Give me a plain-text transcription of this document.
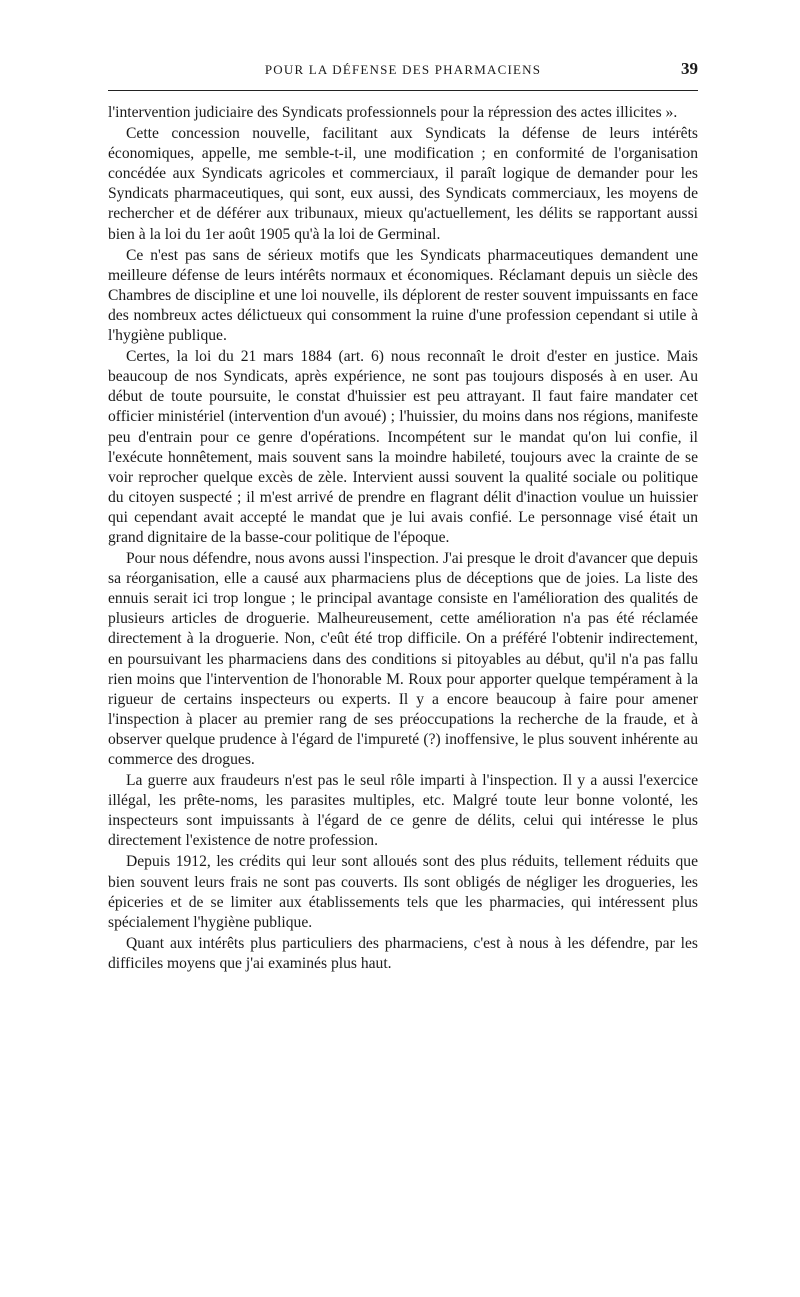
POUR LA DÉFENSE DES PHARMACIENS	39

l'intervention judiciaire des Syndicats professionnels pour la répression des actes illicites ».

Cette concession nouvelle, facilitant aux Syndicats la défense de leurs intérêts économiques, appelle, me semble-t-il, une modification ; en conformité de l'organisation concédée aux Syndicats agricoles et commerciaux, il paraît logique de demander pour les Syndicats pharmaceutiques, qui sont, eux aussi, des Syndicats commerciaux, les moyens de rechercher et de déférer aux tribunaux, mieux qu'actuellement, les délits se rapportant aussi bien à la loi du 1er août 1905 qu'à la loi de Germinal.

Ce n'est pas sans de sérieux motifs que les Syndicats pharmaceutiques demandent une meilleure défense de leurs intérêts normaux et économiques. Réclamant depuis un siècle des Chambres de discipline et une loi nouvelle, ils déplorent de rester souvent impuissants en face des nombreux actes délictueux qui consomment la ruine d'une profession cependant si utile à l'hygiène publique.

Certes, la loi du 21 mars 1884 (art. 6) nous reconnaît le droit d'ester en justice. Mais beaucoup de nos Syndicats, après expérience, ne sont pas toujours disposés à en user. Au début de toute poursuite, le constat d'huissier est peu attrayant. Il faut faire mandater cet officier ministériel (intervention d'un avoué) ; l'huissier, du moins dans nos régions, manifeste peu d'entrain pour ce genre d'opérations. Incompétent sur le mandat qu'on lui confie, il l'exécute honnêtement, mais souvent sans la moindre habileté, toujours avec la crainte de se voir reprocher quelque excès de zèle. Intervient aussi souvent la qualité sociale ou politique du citoyen suspecté ; il m'est arrivé de prendre en flagrant délit d'inaction voulue un huissier qui cependant avait accepté le mandat que je lui avais confié. Le personnage visé était un grand dignitaire de la basse-cour politique de l'époque.

Pour nous défendre, nous avons aussi l'inspection. J'ai presque le droit d'avancer que depuis sa réorganisation, elle a causé aux pharmaciens plus de déceptions que de joies. La liste des ennuis serait ici trop longue ; le principal avantage consiste en l'amélioration des qualités de plusieurs articles de droguerie. Malheureusement, cette amélioration n'a pas été réclamée directement à la droguerie. Non, c'eût été trop difficile. On a préféré l'obtenir indirectement, en poursuivant les pharmaciens dans des conditions si pitoyables au début, qu'il n'a pas fallu rien moins que l'intervention de l'honorable M. Roux pour apporter quelque tempérament à la rigueur de certains inspecteurs ou experts. Il y a encore beaucoup à faire pour amener l'inspection à placer au premier rang de ses préoccupations la recherche de la fraude, et à observer quelque prudence à l'égard de l'impureté (?) inoffensive, le plus souvent inhérente au commerce des drogues.

La guerre aux fraudeurs n'est pas le seul rôle imparti à l'inspection. Il y a aussi l'exercice illégal, les prête-noms, les parasites multiples, etc. Malgré toute leur bonne volonté, les inspecteurs sont impuissants à l'égard de ce genre de délits, celui qui intéresse le plus directement l'existence de notre profession.

Depuis 1912, les crédits qui leur sont alloués sont des plus réduits, tellement réduits que bien souvent leurs frais ne sont pas couverts. Ils sont obligés de négliger les drogueries, les épiceries et de se limiter aux établissements tels que les pharmacies, qui intéressent plus spécialement l'hygiène publique.

Quant aux intérêts plus particuliers des pharmaciens, c'est à nous à les défendre, par les difficiles moyens que j'ai examinés plus haut.
